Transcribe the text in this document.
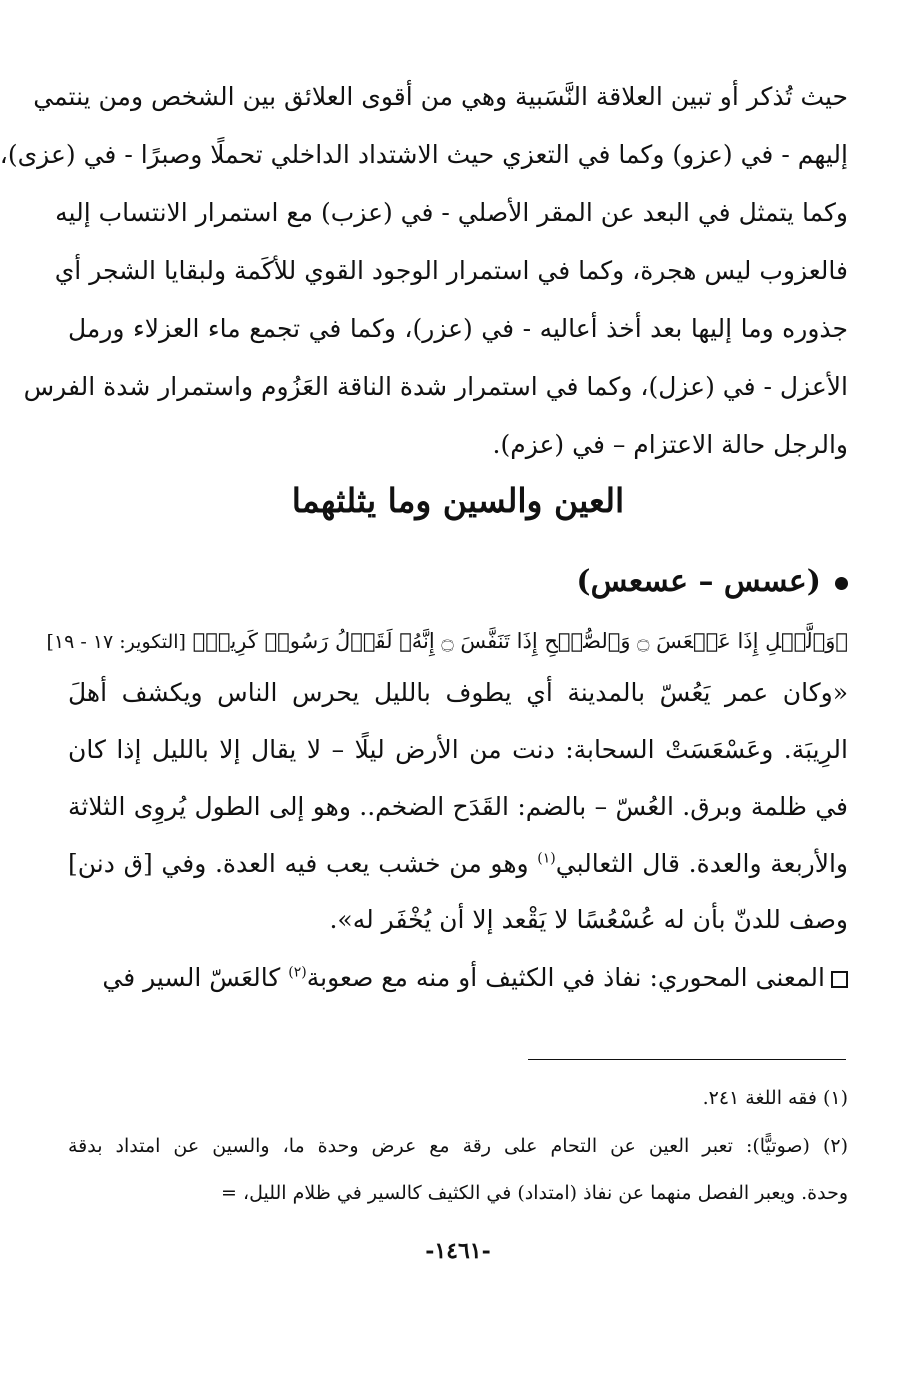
حيث تُذكر أو تبين العلاقة النَّسَبية وهي من أقوى العلائق بين الشخص ومن ينتمي
إليهم - في (عزو) وكما في التعزي حيث الاشتداد الداخلي تحملًا وصبرًا - في (عزى)،
وكما يتمثل في البعد عن المقر الأصلي - في (عزب) مع استمرار الانتساب إليه
فالعزوب ليس هجرة، وكما في استمرار الوجود القوي للأكَمة ولبقايا الشجر أي
جذوره وما إليها بعد أخذ أعاليه - في (عزر)، وكما في تجمع ماء العزلاء ورمل
الأعزل - في (عزل)، وكما في استمرار شدة الناقة العَزُوم واستمرار شدة الفرس
والرجل حالة الاعتزام – في (عزم).
العين والسين وما يثلثهما
(عسس – عسعس)
﴿وَٱلَّيۡلِ إِذَا عَسۡعَسَ ۝ وَٱلصُّبۡحِ إِذَا تَنَفَّسَ ۝ إِنَّهُۥ لَقَوۡلُ رَسُولٖ كَرِيمٖ﴾ [التكوير: ١٧ - ١٩]
«وكان عمر يَعُسّ بالمدينة أي يطوف بالليل يحرس الناس ويكشف أهلَ
الرِيبَة. وعَسْعَسَتْ السحابة: دنت من الأرض ليلًا – لا يقال إلا بالليل إذا كان
في ظلمة وبرق. العُسّ – بالضم: القَدَح الضخم.. وهو إلى الطول يُروِى الثلاثة
والأربعة والعدة. قال الثعالبي$^{(١)}$ وهو من خشب يعب فيه العدة. وفي [ق دنن]
وصف للدنّ بأن له عُسْعُسًا لا يَقْعد إلا أن يُخْفَر له».
المعنى المحوري: نفاذ في الكثيف أو منه مع صعوبة$^{(٢)}$ كالعَسّ السير في
(١) فقه اللغة ٢٤١.
(٢) (صوتيًّا): تعبر العين عن التحام على رقة مع عرض وحدة ما، والسين عن امتداد بدقة
وحدة. ويعبر الفصل منهما عن نفاذ (امتداد) في الكثيف كالسير في ظلام الليل، =
-١٤٦١-
